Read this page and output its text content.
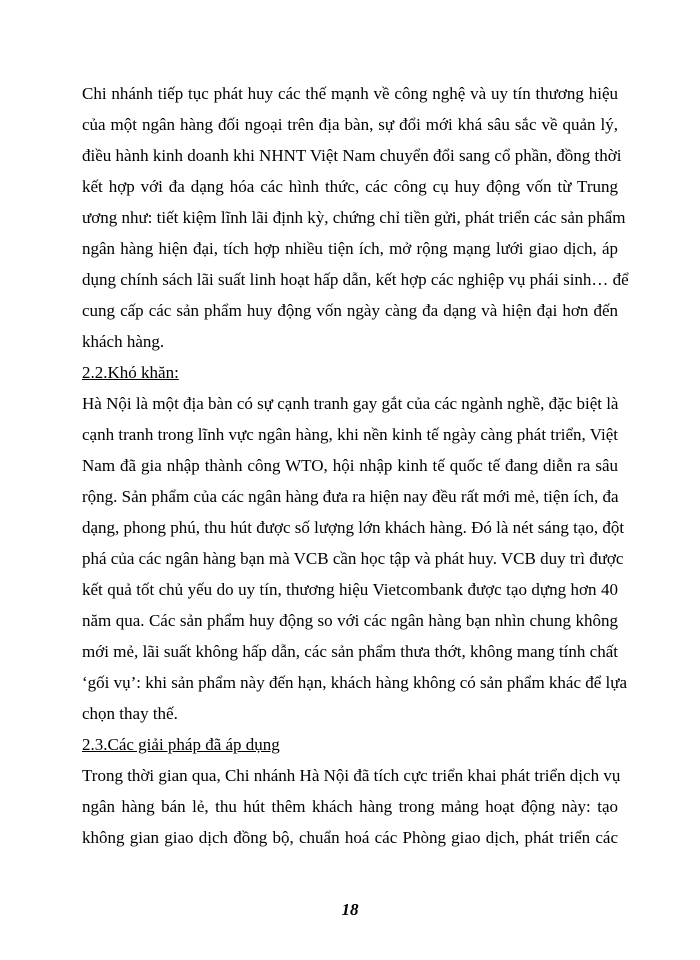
Chi nhánh tiếp tục phát huy các thế mạnh về công nghệ và uy tín thương hiệu
của một ngân hàng đối ngoại trên địa bàn, sự đổi mới khá sâu sắc về quản lý,
điều hành kinh doanh khi NHNT Việt Nam chuyển đổi sang cổ phần, đồng thời
kết hợp với đa dạng hóa các hình thức, các công cụ huy động vốn từ Trung
ương như: tiết kiệm lĩnh lãi định kỳ, chứng chỉ tiền gửi, phát triển các sản phẩm
ngân hàng hiện đại, tích hợp nhiều tiện ích, mở rộng mạng lưới giao dịch, áp
dụng chính sách lãi suất linh hoạt hấp dẫn, kết hợp các nghiệp vụ phái sinh… để
cung cấp các sản phẩm huy động vốn ngày càng đa dạng và hiện đại hơn đến
khách hàng.
2.2.Khó khăn:
Hà Nội là một địa bàn có sự cạnh tranh gay gắt của các ngành nghề, đặc biệt là
cạnh tranh trong lĩnh vực ngân hàng, khi nền kinh tế ngày càng phát triển, Việt
Nam đã gia nhập thành công WTO, hội nhập kinh tế quốc tế đang diễn ra sâu
rộng. Sản phẩm của các ngân hàng đưa ra hiện nay đều rất mới mẻ, tiện ích, đa
dạng, phong phú, thu hút được số lượng lớn khách hàng. Đó là nét sáng tạo, đột
phá của các ngân hàng bạn mà VCB cần học tập và phát huy. VCB duy trì được
kết quả tốt chủ yếu do uy tín, thương hiệu Vietcombank được tạo dựng hơn 40
năm qua. Các sản phẩm huy động so với các ngân hàng bạn nhìn chung không
mới mẻ, lãi suất không hấp dẫn, các sản phẩm thưa thớt, không mang tính chất
‘gối vụ’: khi sản phẩm này đến hạn, khách hàng không có sản phẩm khác để lựa
chọn thay thế.
2.3.Các giải pháp đã áp dụng
Trong thời gian qua, Chi nhánh Hà Nội đã tích cực triển khai phát triển dịch vụ
ngân hàng bán lẻ, thu hút thêm khách hàng trong mảng hoạt động này: tạo
không gian giao dịch đồng bộ, chuẩn hoá các Phòng giao dịch, phát triển các
18
